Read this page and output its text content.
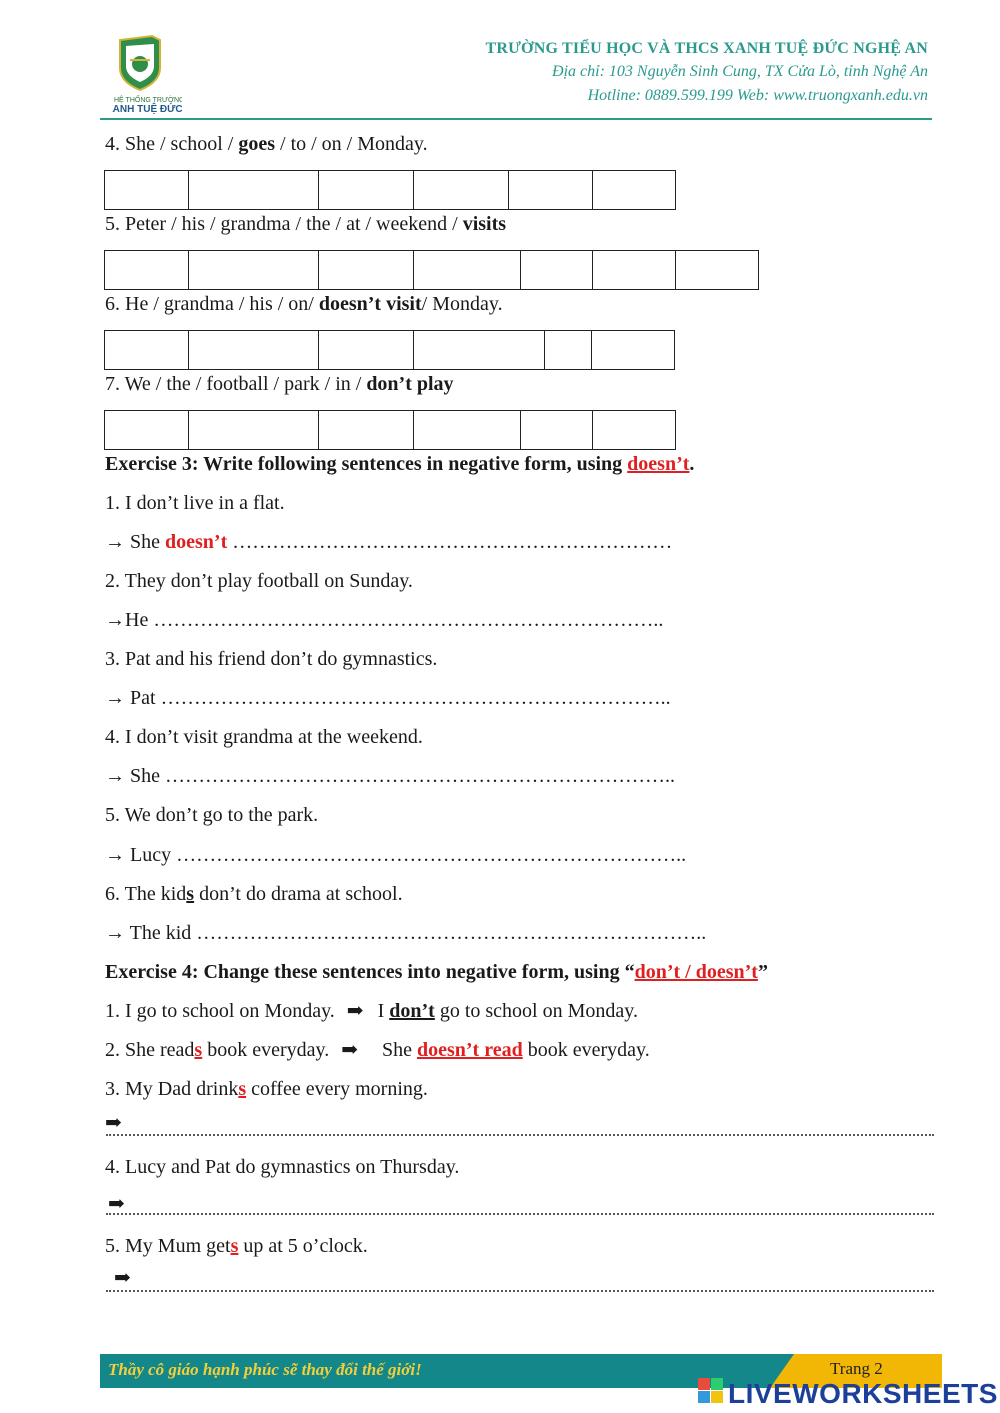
HỆ THỐNG TRƯỜNG
XANH TUỆ ĐỨC
TRƯỜNG TIỂU HỌC VÀ THCS XANH TUỆ ĐỨC NGHỆ AN
Địa chỉ: 103 Nguyễn Sinh Cung, TX Cửa Lò, tỉnh Nghệ An
Hotline: 0889.599.199 Web: www.truongxanh.edu.vn
4. She / school / goes / to / on / Monday.

5. Peter / his / grandma / the / at / weekend / visits

6. He / grandma / his / on/ doesn’t visit/ Monday.

7. We / the / football / park / in / don’t play

Exercise 3: Write following sentences in negative form, using doesn’t.
1. I don’t live in a flat.
→ She doesn’t …………………………………………………………
2. They don’t play football on Sunday.
→He …………………………………………………………………..
3. Pat and his friend don’t do gymnastics.
→ Pat …………………………………………………………………..
4. I don’t visit grandma at the weekend.
→ She …………………………………………………………………..
5. We don’t go to the park.
→ Lucy …………………………………………………………………..
6. The kids don’t do drama at school.
→ The kid …………………………………………………………………..
Exercise 4: Change these sentences into negative form, using “don’t / doesn’t”
1. I go to school on Monday. ➡ I don’t go to school on Monday.
2. She reads book everyday. ➡ She doesn’t read book everyday.
3. My Dad drinks coffee every morning.
➡
4. Lucy and Pat do gymnastics on Thursday.
➡
5. My Mum gets up at 5 o’clock.
➡
Thầy cô giáo hạnh phúc sẽ thay đổi thế giới!	Trang 2
LIVEWORKSHEETS
